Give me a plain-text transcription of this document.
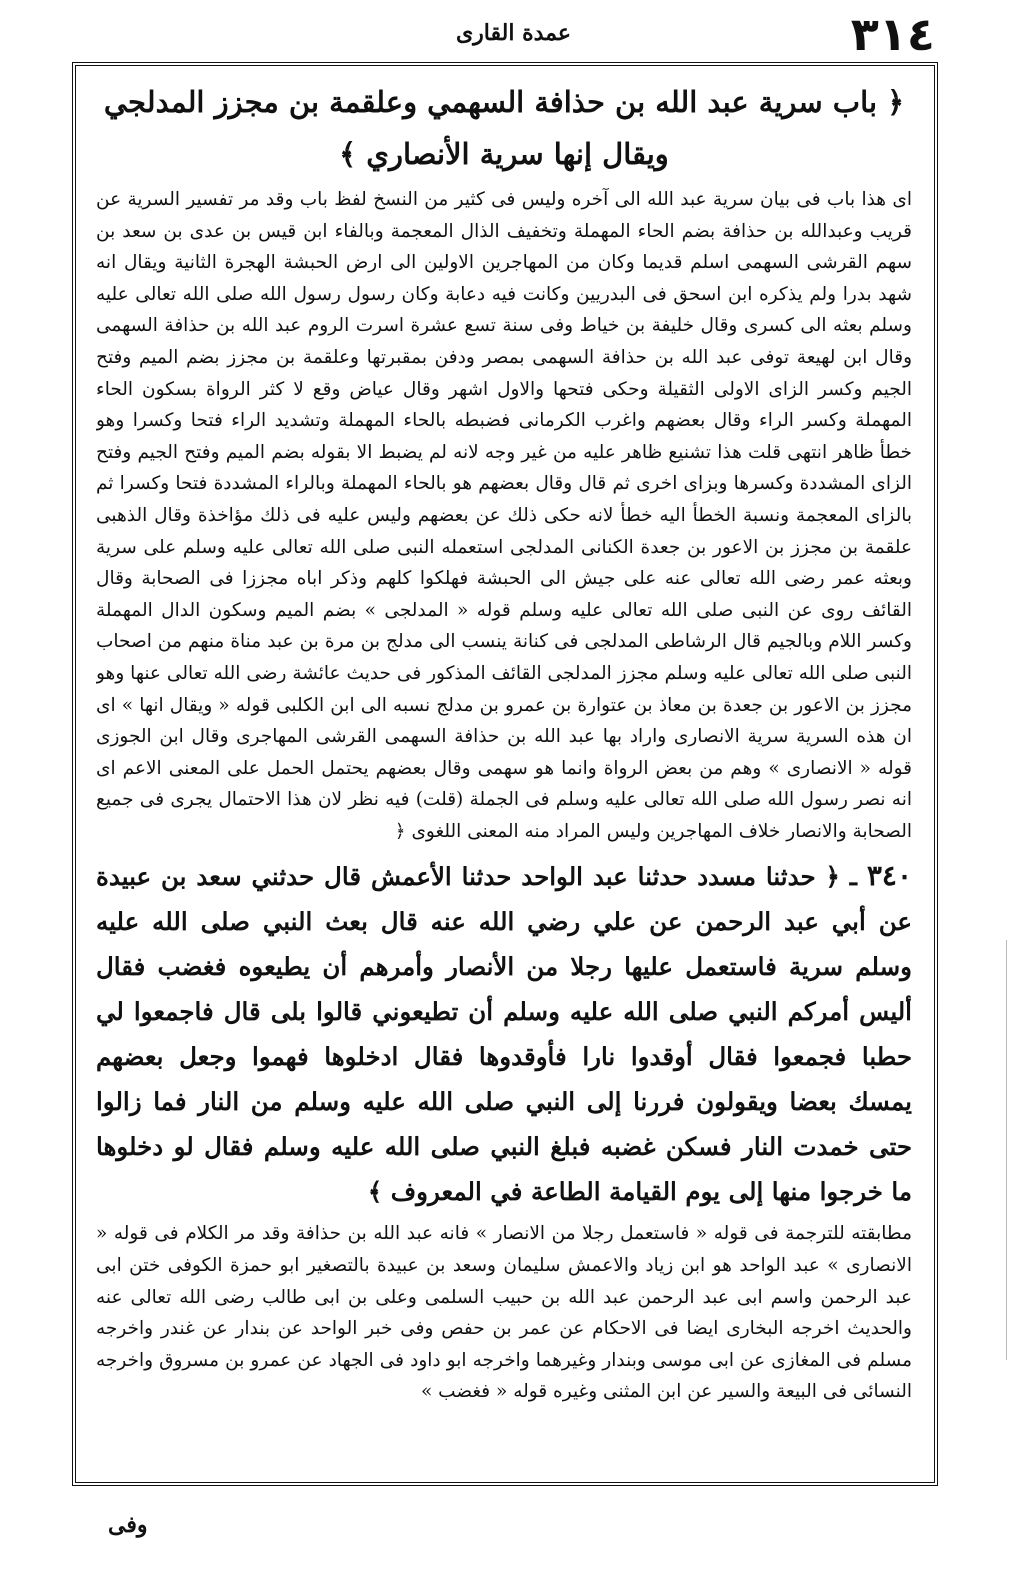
عمدة القارى	٣١٤

﴿ باب سرية عبد الله بن حذافة السهمي وعلقمة بن مجزز المدلجي ويقال إنها سرية الأنصاري ﴾

اى هذا باب فى بيان سرية عبد الله الى آخره وليس فى كثير من النسخ لفظ باب وقد مر تفسير السرية عن قريب وعبدالله بن حذافة بضم الحاء المهملة وتخفيف الذال المعجمة وبالفاء ابن قيس بن عدى بن سعد بن سهم القرشى السهمى اسلم قديما وكان من المهاجرين الاولين الى ارض الحبشة الهجرة الثانية ويقال انه شهد بدرا ولم يذكره ابن اسحق فى البدريين وكانت فيه دعابة وكان رسول رسول الله صلى الله تعالى عليه وسلم بعثه الى كسرى وقال خليفة بن خياط وفى سنة تسع عشرة اسرت الروم عبد الله بن حذافة السهمى وقال ابن لهيعة توفى عبد الله بن حذافة السهمى بمصر ودفن بمقبرتها وعلقمة بن مجزز بضم الميم وفتح الجيم وكسر الزاى الاولى الثقيلة وحكى فتحها والاول اشهر وقال عياض وقع لا كثر الرواة بسكون الحاء المهملة وكسر الراء وقال بعضهم واغرب الكرمانى فضبطه بالحاء المهملة وتشديد الراء فتحا وكسرا وهو خطأ ظاهر انتهى قلت هذا تشنيع ظاهر عليه من غير وجه لانه لم يضبط الا بقوله بضم الميم وفتح الجيم وفتح الزاى المشددة وكسرها وبزاى اخرى ثم قال وقال بعضهم هو بالحاء المهملة وبالراء المشددة فتحا وكسرا ثم بالزاى المعجمة ونسبة الخطأ اليه خطأ لانه حكى ذلك عن بعضهم وليس عليه فى ذلك مؤاخذة وقال الذهبى علقمة بن مجزز بن الاعور بن جعدة الكنانى المدلجى استعمله النبى صلى الله تعالى عليه وسلم على سرية وبعثه عمر رضى الله تعالى عنه على جيش الى الحبشة فهلكوا كلهم وذكر اباه مجززا فى الصحابة وقال القائف روى عن النبى صلى الله تعالى عليه وسلم قوله « المدلجى » بضم الميم وسكون الدال المهملة وكسر اللام وبالجيم قال الرشاطى المدلجى فى كنانة ينسب الى مدلج بن مرة بن عبد مناة منهم من اصحاب النبى صلى الله تعالى عليه وسلم مجزز المدلجى القائف المذكور فى حديث عائشة رضى الله تعالى عنها وهو مجزز بن الاعور بن جعدة بن معاذ بن عتوارة بن عمرو بن مدلج نسبه الى ابن الكلبى قوله « ويقال انها » اى ان هذه السرية سرية الانصارى واراد بها عبد الله بن حذافة السهمى القرشى المهاجرى وقال ابن الجوزى قوله « الانصارى » وهم من بعض الرواة وانما هو سهمى وقال بعضهم يحتمل الحمل على المعنى الاعم اى انه نصر رسول الله صلى الله تعالى عليه وسلم فى الجملة (قلت) فيه نظر لان هذا الاحتمال يجرى فى جميع الصحابة والانصار خلاف المهاجرين وليس المراد منه المعنى اللغوى ﴿

٣٤٠ ـ ﴿ حدثنا مسدد حدثنا عبد الواحد حدثنا الأعمش قال حدثني سعد بن عبيدة عن أبي عبد الرحمن عن علي رضي الله عنه قال بعث النبي صلى الله عليه وسلم سرية فاستعمل عليها رجلا من الأنصار وأمرهم أن يطيعوه فغضب فقال أليس أمركم النبي صلى الله عليه وسلم أن تطيعوني قالوا بلى قال فاجمعوا لي حطبا فجمعوا فقال أوقدوا نارا فأوقدوها فقال ادخلوها فهموا وجعل بعضهم يمسك بعضا ويقولون فررنا إلى النبي صلى الله عليه وسلم من النار فما زالوا حتى خمدت النار فسكن غضبه فبلغ النبي صلى الله عليه وسلم فقال لو دخلوها ما خرجوا منها إلى يوم القيامة الطاعة في المعروف ﴾

مطابقته للترجمة فى قوله « فاستعمل رجلا من الانصار » فانه عبد الله بن حذافة وقد مر الكلام فى قوله « الانصارى » عبد الواحد هو ابن زياد والاعمش سليمان وسعد بن عبيدة بالتصغير ابو حمزة الكوفى ختن ابى عبد الرحمن واسم ابى عبد الرحمن عبد الله بن حبيب السلمى وعلى بن ابى طالب رضى الله تعالى عنه والحديث اخرجه البخارى ايضا فى الاحكام عن عمر بن حفص وفى خبر الواحد عن بندار عن غندر واخرجه مسلم فى المغازى عن ابى موسى وبندار وغيرهما واخرجه ابو داود فى الجهاد عن عمرو بن مسروق واخرجه النسائى فى البيعة والسير عن ابن المثنى وغيره قوله « فغضب »

وفى
